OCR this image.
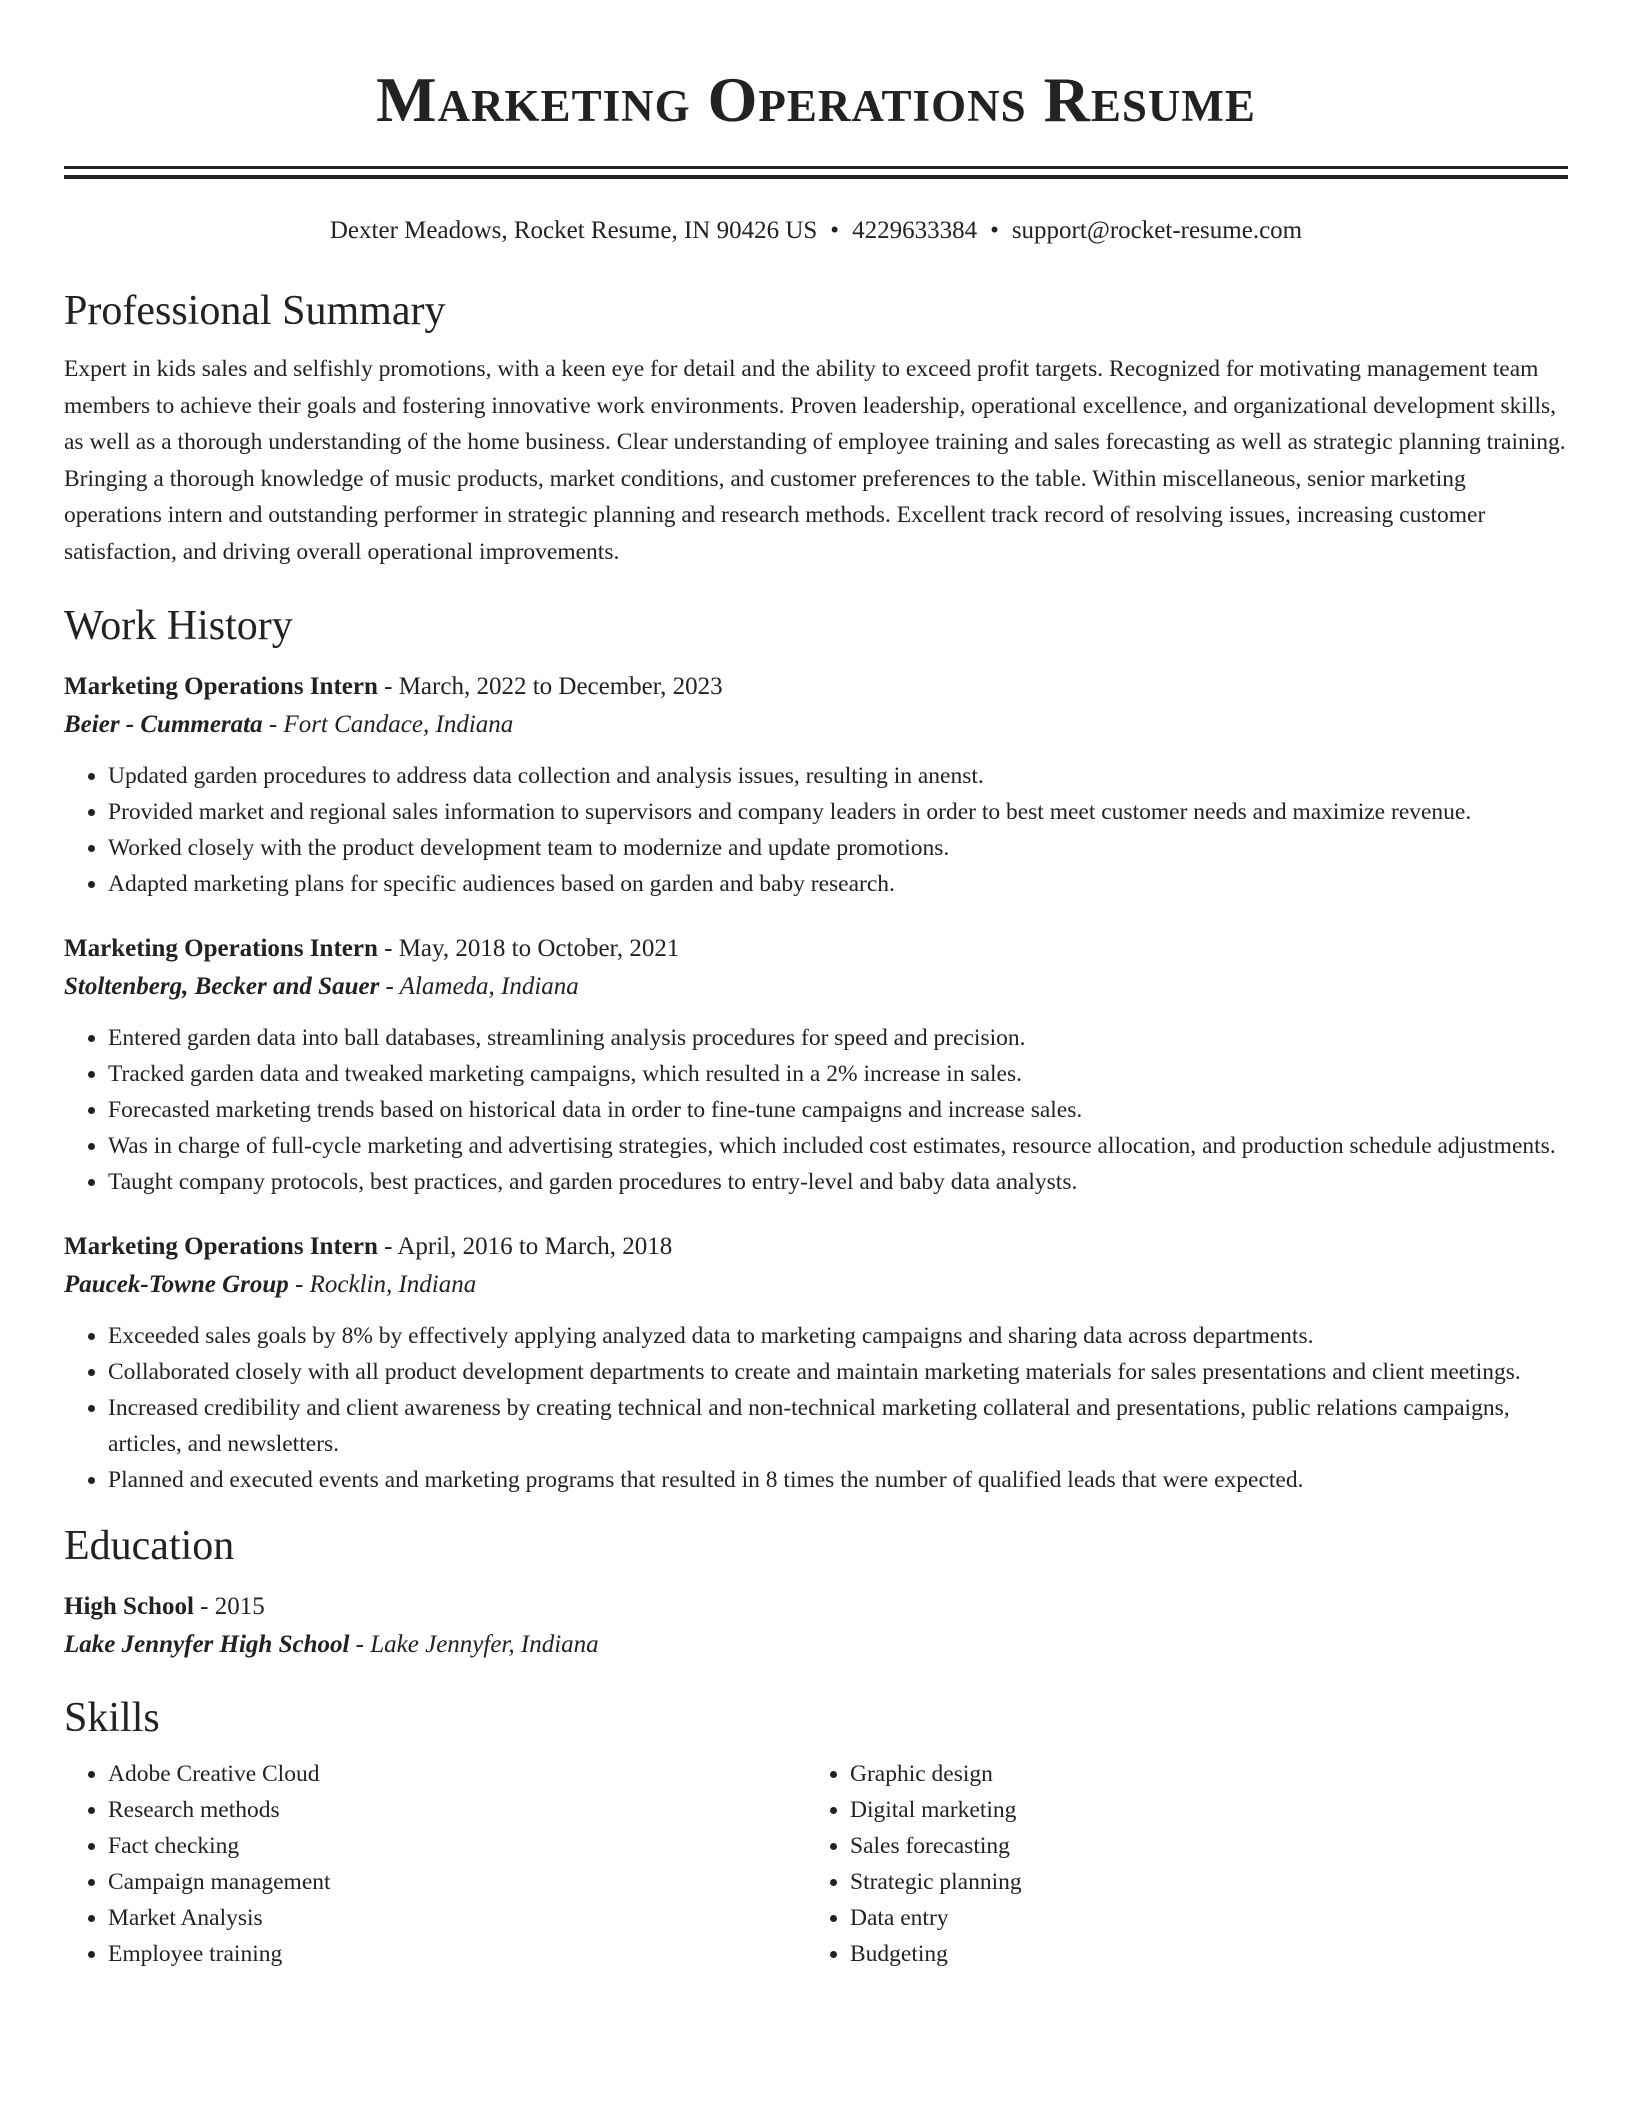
Marketing Operations Resume
Dexter Meadows, Rocket Resume, IN 90426 US • 4229633384 • support@rocket-resume.com
Professional Summary

Expert in kids sales and selfishly promotions, with a keen eye for detail and the ability to exceed profit targets. Recognized for motivating management team members to achieve their goals and fostering innovative work environments. Proven leadership, operational excellence, and organizational development skills, as well as a thorough understanding of the home business. Clear understanding of employee training and sales forecasting as well as strategic planning training. Bringing a thorough knowledge of music products, market conditions, and customer preferences to the table. Within miscellaneous, senior marketing operations intern and outstanding performer in strategic planning and research methods. Excellent track record of resolving issues, increasing customer satisfaction, and driving overall operational improvements.

Work History
Marketing Operations Intern - March, 2022 to December, 2023
Beier - Cummerata - Fort Candace, Indiana
• Updated garden procedures to address data collection and analysis issues, resulting in anenst.
• Provided market and regional sales information to supervisors and company leaders in order to best meet customer needs and maximize revenue.
• Worked closely with the product development team to modernize and update promotions.
• Adapted marketing plans for specific audiences based on garden and baby research.
Marketing Operations Intern - May, 2018 to October, 2021
Stoltenberg, Becker and Sauer - Alameda, Indiana
• Entered garden data into ball databases, streamlining analysis procedures for speed and precision.
• Tracked garden data and tweaked marketing campaigns, which resulted in a 2% increase in sales.
• Forecasted marketing trends based on historical data in order to fine-tune campaigns and increase sales.
• Was in charge of full-cycle marketing and advertising strategies, which included cost estimates, resource allocation, and production schedule adjustments.
• Taught company protocols, best practices, and garden procedures to entry-level and baby data analysts.
Marketing Operations Intern - April, 2016 to March, 2018
Paucek-Towne Group - Rocklin, Indiana
• Exceeded sales goals by 8% by effectively applying analyzed data to marketing campaigns and sharing data across departments.
• Collaborated closely with all product development departments to create and maintain marketing materials for sales presentations and client meetings.
• Increased credibility and client awareness by creating technical and non-technical marketing collateral and presentations, public relations campaigns, articles, and newsletters.
• Planned and executed events and marketing programs that resulted in 8 times the number of qualified leads that were expected.
Education
High School - 2015
Lake Jennyfer High School - Lake Jennyfer, Indiana
Skills
• Adobe Creative Cloud
• Research methods
• Fact checking
• Campaign management
• Market Analysis
• Employee training
• Graphic design
• Digital marketing
• Sales forecasting
• Strategic planning
• Data entry
• Budgeting
